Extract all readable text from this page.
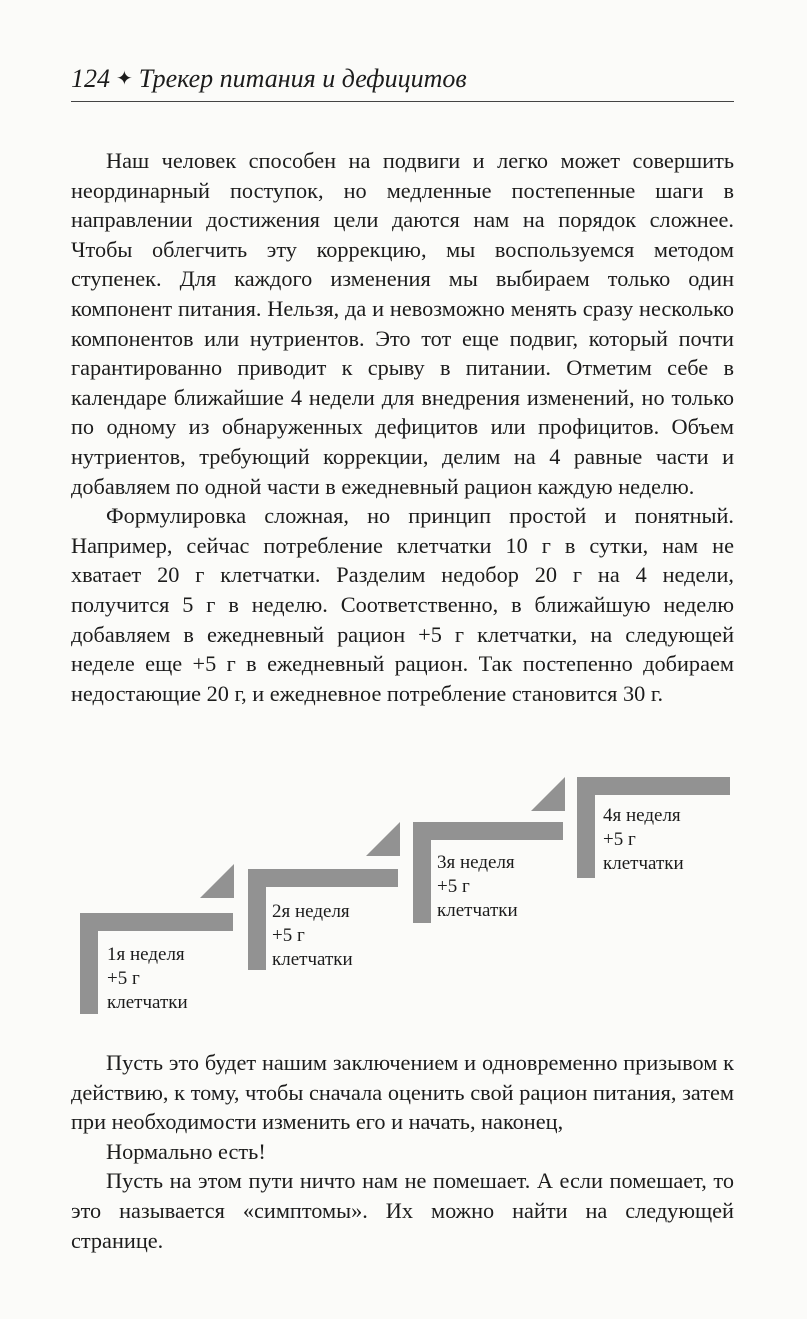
124 ✦ Трекер питания и дефицитов

Наш человек способен на подвиги и легко может совершить неординарный поступок, но медленные постепенные шаги в направлении достижения цели даются нам на порядок сложнее. Чтобы облегчить эту коррекцию, мы воспользуемся методом ступенек. Для каждого изменения мы выбираем только один компонент питания. Нельзя, да и невозможно менять сразу несколько компонентов или нутриентов. Это тот еще подвиг, который почти гарантированно приводит к срыву в питании. Отметим себе в календаре ближайшие 4 недели для внедрения изменений, но только по одному из обнаруженных дефицитов или профицитов. Объем нутриентов, требующий коррекции, делим на 4 равные части и добавляем по одной части в ежедневный рацион каждую неделю.

Формулировка сложная, но принцип простой и понятный. Например, сейчас потребление клетчатки 10 г в сутки, нам не хватает 20 г клетчатки. Разделим недобор 20 г на 4 недели, получится 5 г в неделю. Соответственно, в ближайшую неделю добавляем в ежедневный рацион +5 г клетчатки, на следующей неделе еще +5 г в ежедневный рацион. Так постепенно добираем недостающие 20 г, и ежедневное потребление становится 30 г.

1я неделя
+5 г
клетчатки
2я неделя
+5 г
клетчатки
3я неделя
+5 г
клетчатки
4я неделя
+5 г
клетчатки

Пусть это будет нашим заключением и одновременно призывом к действию, к тому, чтобы сначала оценить свой рацион питания, затем при необходимости изменить его и начать, наконец,

Нормально есть!

Пусть на этом пути ничто нам не помешает. А если помешает, то это называется «симптомы». Их можно найти на следующей странице.
